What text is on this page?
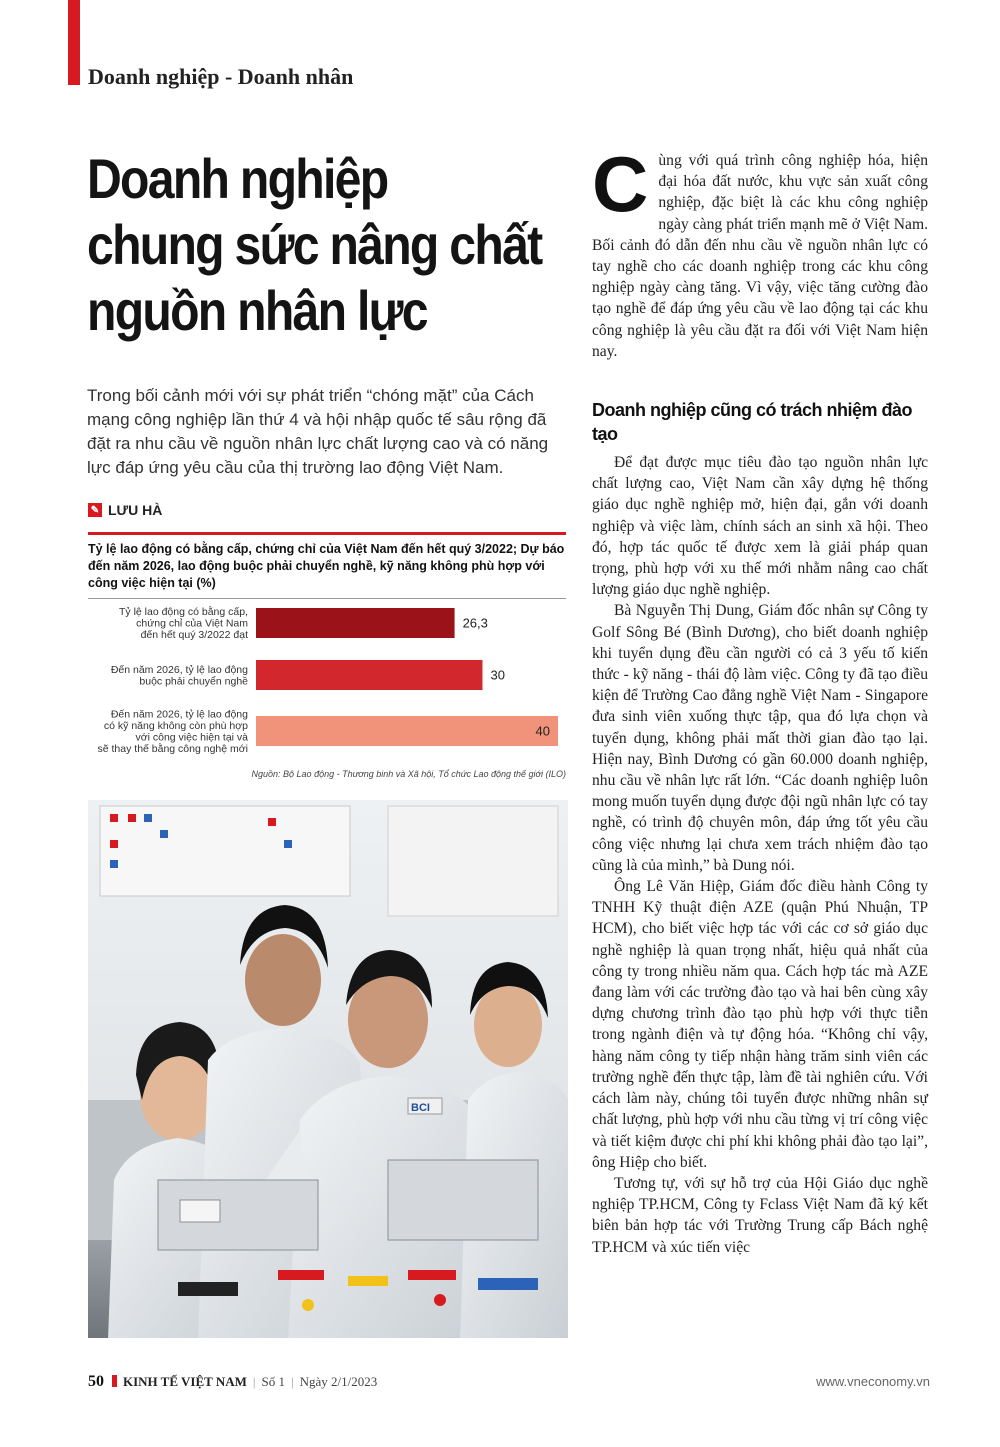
Doanh nghiệp - Doanh nhân
Doanh nghiệp
chung sức nâng chất
nguồn nhân lực

Trong bối cảnh mới với sự phát triển “chóng mặt” của Cách mạng công nghiệp lần thứ 4 và hội nhập quốc tế sâu rộng đã đặt ra nhu cầu về nguồn nhân lực chất lượng cao và có năng lực đáp ứng yêu cầu của thị trường lao động Việt Nam.

✎ LƯU HÀ

Tỷ lệ lao động có bằng cấp, chứng chỉ của Việt Nam đến hết quý 3/2022; Dự báo đến năm 2026, lao động buộc phải chuyển nghề, kỹ năng không phù hợp với công việc hiện tại (%)

Tỷ lệ lao động có bằng cấp,
chứng chỉ của Việt Nam
đến hết quý 3/2022 đạt
26,3
Đến năm 2026, tỷ lệ lao động
buộc phải chuyển nghề	30
Đến năm 2026, tỷ lệ lao động
có kỹ năng không còn phù hợp
với công việc hiện tại và
sẽ thay thế bằng công nghệ mới
40
Nguồn: Bộ Lao động - Thương binh và Xã hội, Tổ chức Lao động thế giới (ILO)
BCI

Cùng với quá trình công nghiệp hóa, hiện đại hóa đất nước, khu vực sản xuất công nghiệp, đặc biệt là các khu công nghiệp ngày càng phát triển mạnh mẽ ở Việt Nam. Bối cảnh đó dẫn đến nhu cầu về nguồn nhân lực có tay nghề cho các doanh nghiệp trong các khu công nghiệp ngày càng tăng. Vì vậy, việc tăng cường đào tạo nghề để đáp ứng yêu cầu về lao động tại các khu công nghiệp là yêu cầu đặt ra đối với Việt Nam hiện nay.

Doanh nghiệp cũng có trách nhiệm đào tạo

Để đạt được mục tiêu đào tạo nguồn nhân lực chất lượng cao, Việt Nam cần xây dựng hệ thống giáo dục nghề nghiệp mở, hiện đại, gắn với doanh nghiệp và việc làm, chính sách an sinh xã hội. Theo đó, hợp tác quốc tế được xem là giải pháp quan trọng, phù hợp với xu thế mới nhằm nâng cao chất lượng giáo dục nghề nghiệp.

Bà Nguyễn Thị Dung, Giám đốc nhân sự Công ty Golf Sông Bé (Bình Dương), cho biết doanh nghiệp khi tuyển dụng đều cần người có cả 3 yếu tố kiến thức - kỹ năng - thái độ làm việc. Công ty đã tạo điều kiện để Trường Cao đẳng nghề Việt Nam - Singapore đưa sinh viên xuống thực tập, qua đó lựa chọn và tuyển dụng, không phải mất thời gian đào tạo lại. Hiện nay, Bình Dương có gần 60.000 doanh nghiệp, nhu cầu về nhân lực rất lớn. “Các doanh nghiệp luôn mong muốn tuyển dụng được đội ngũ nhân lực có tay nghề, có trình độ chuyên môn, đáp ứng tốt yêu cầu công việc nhưng lại chưa xem trách nhiệm đào tạo cũng là của mình,” bà Dung nói.

Ông Lê Văn Hiệp, Giám đốc điều hành Công ty TNHH Kỹ thuật điện AZE (quận Phú Nhuận, TP HCM), cho biết việc hợp tác với các cơ sở giáo dục nghề nghiệp là quan trọng nhất, hiệu quả nhất của công ty trong nhiều năm qua. Cách hợp tác mà AZE đang làm với các trường đào tạo và hai bên cùng xây dựng chương trình đào tạo phù hợp với thực tiễn trong ngành điện và tự động hóa. “Không chỉ vậy, hàng năm công ty tiếp nhận hàng trăm sinh viên các trường nghề đến thực tập, làm đề tài nghiên cứu. Với cách làm này, chúng tôi tuyển được những nhân sự chất lượng, phù hợp với nhu cầu từng vị trí công việc và tiết kiệm được chi phí khi không phải đào tạo lại”, ông Hiệp cho biết.

Tương tự, với sự hỗ trợ của Hội Giáo dục nghề nghiệp TP.HCM, Công ty Fclass Việt Nam đã ký kết biên bản hợp tác với Trường Trung cấp Bách nghệ TP.HCM và xúc tiến việc

50 KINH TẾ VIỆT NAM | Số 1 | Ngày 2/1/2023	www.vneconomy.vn
